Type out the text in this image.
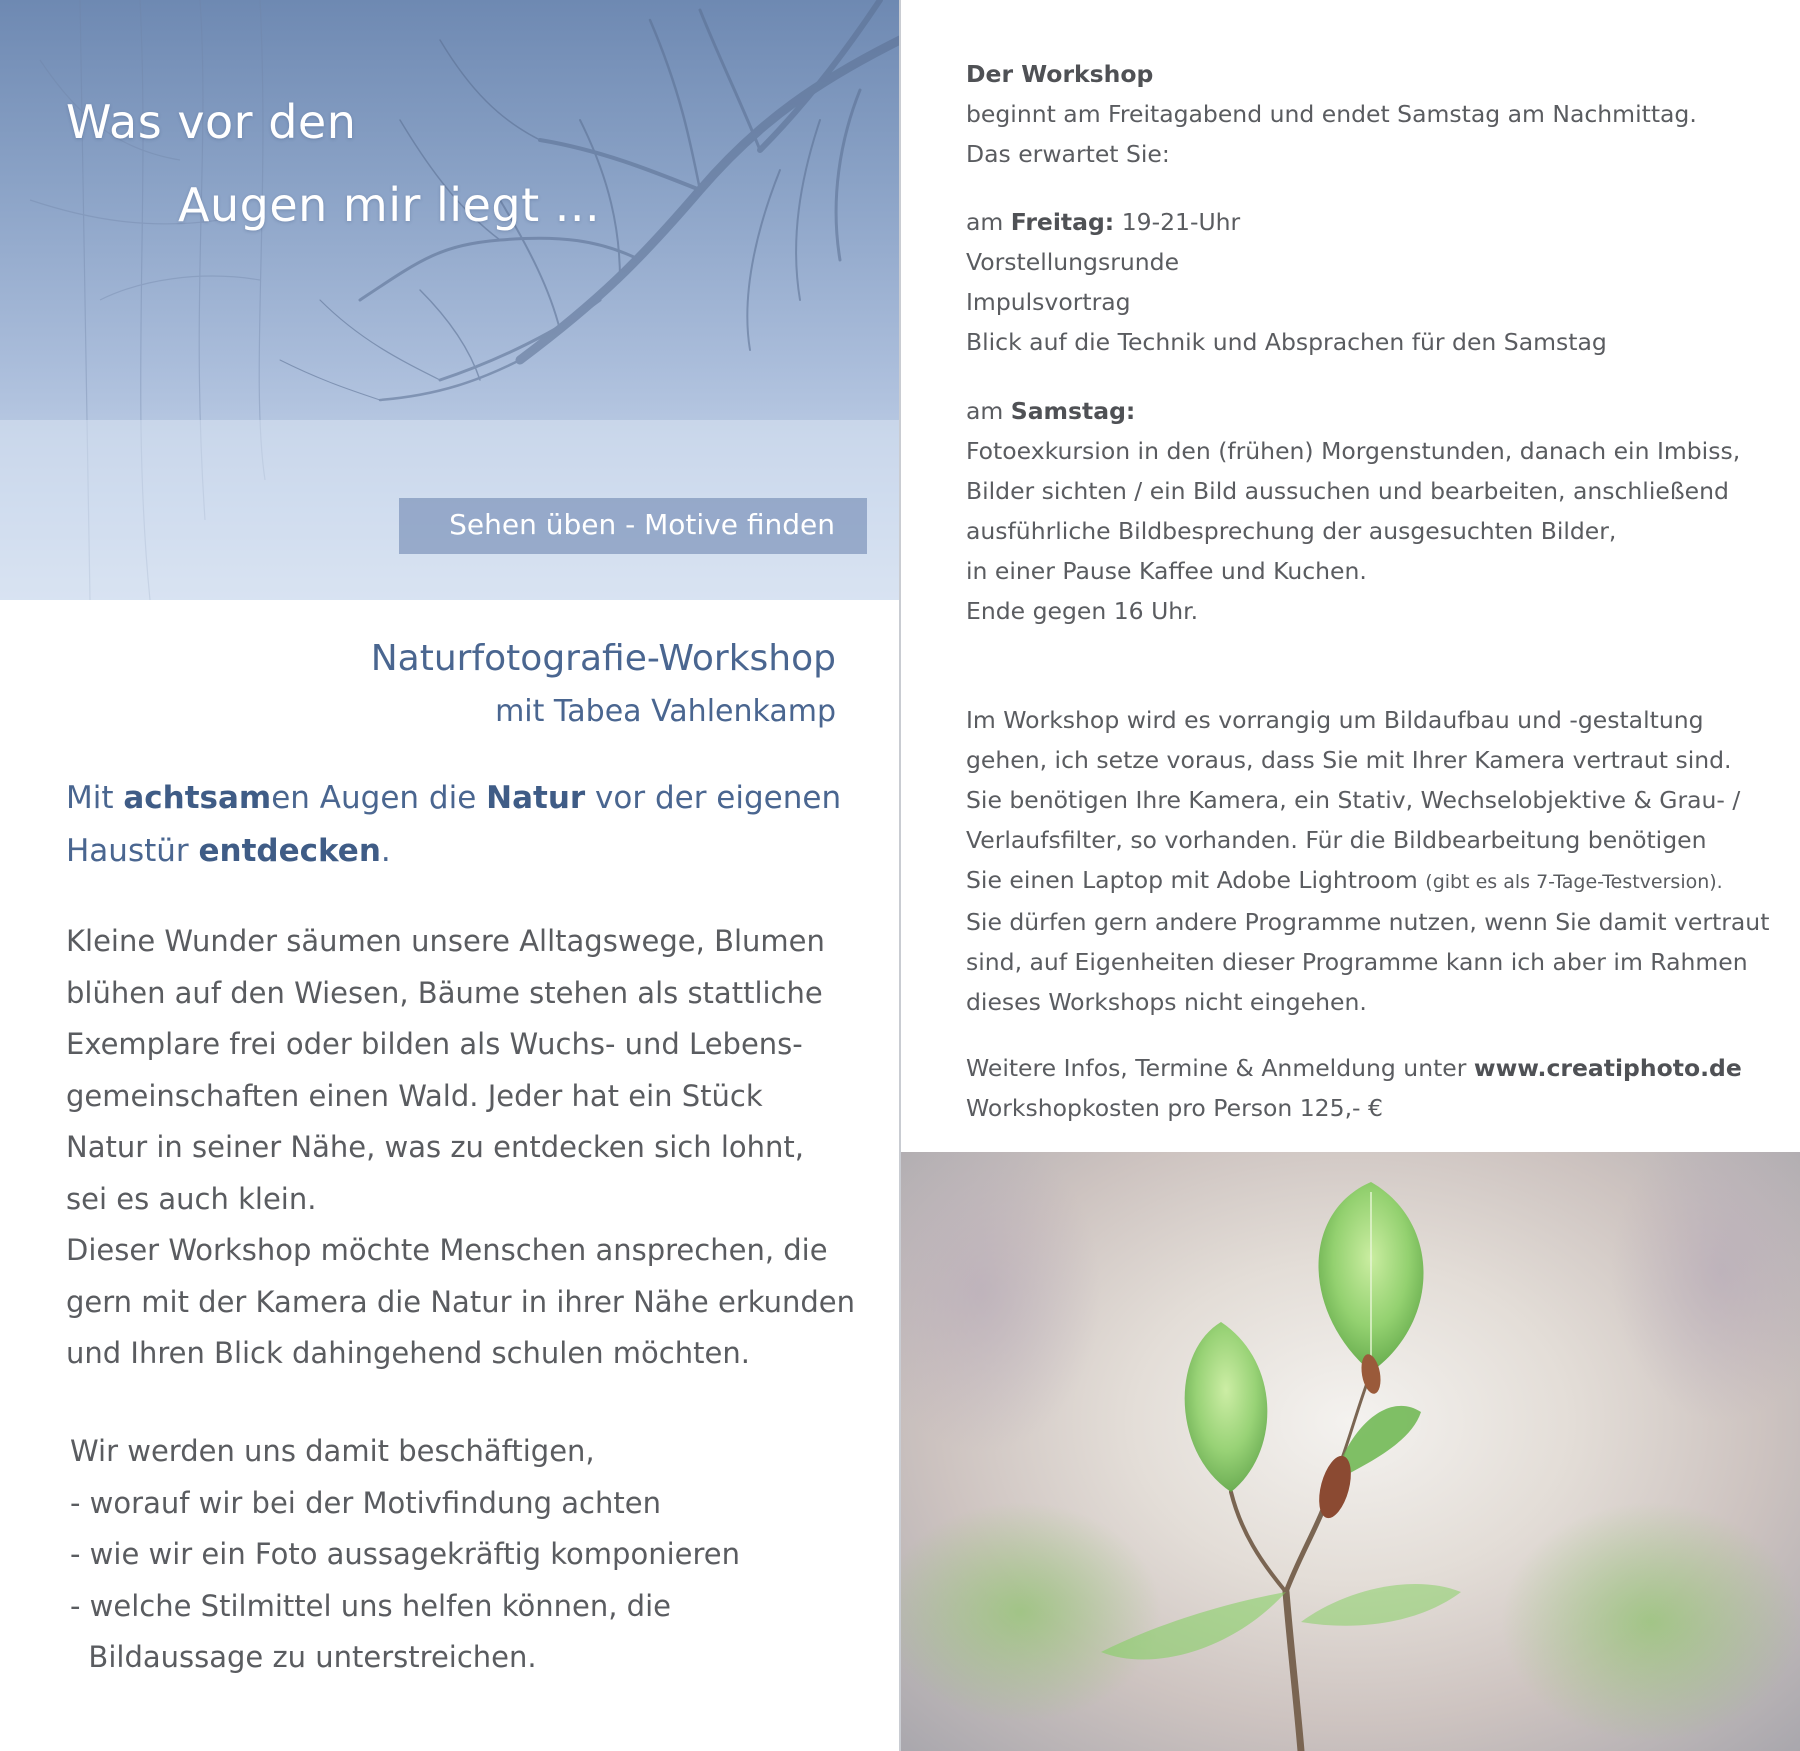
Was vor den
Augen mir liegt ...
Sehen üben - Motive finden
Naturfotografie-Workshop
mit Tabea Vahlenkamp
Mit achtsamen Augen die Natur vor der eigenen
Haustür entdecken.
Kleine Wunder säumen unsere Alltagswege, Blumen
blühen auf den Wiesen, Bäume stehen als stattliche
Exemplare frei oder bilden als Wuchs- und Lebens-
gemeinschaften einen Wald. Jeder hat ein Stück
Natur in seiner Nähe, was zu entdecken sich lohnt,
sei es auch klein.
Dieser Workshop möchte Menschen ansprechen, die
gern mit der Kamera die Natur in ihrer Nähe erkunden
und Ihren Blick dahingehend schulen möchten.
Wir werden uns damit beschäftigen,
- worauf wir bei der Motivfindung achten
- wie wir ein Foto aussagekräftig komponieren
- welche Stilmittel uns helfen können, die
Bildaussage zu unterstreichen.
Der Workshop
beginnt am Freitagabend und endet Samstag am Nachmittag.
Das erwartet Sie:
am Freitag: 19-21-Uhr
Vorstellungsrunde
Impulsvortrag
Blick auf die Technik und Absprachen für den Samstag
am Samstag:
Fotoexkursion in den (frühen) Morgenstunden, danach ein Imbiss,
Bilder sichten / ein Bild aussuchen und bearbeiten, anschließend
ausführliche Bildbesprechung der ausgesuchten Bilder,
in einer Pause Kaffee und Kuchen.
Ende gegen 16 Uhr.
Im Workshop wird es vorrangig um Bildaufbau und -gestaltung
gehen, ich setze voraus, dass Sie mit Ihrer Kamera vertraut sind.
Sie benötigen Ihre Kamera, ein Stativ, Wechselobjektive & Grau- /
Verlaufsfilter, so vorhanden. Für die Bildbearbeitung benötigen
Sie einen Laptop mit Adobe Lightroom (gibt es als 7-Tage-Testversion).
Sie dürfen gern andere Programme nutzen, wenn Sie damit vertraut
sind, auf Eigenheiten dieser Programme kann ich aber im Rahmen
dieses Workshops nicht eingehen.
Weitere Infos, Termine & Anmeldung unter www.creatiphoto.de
Workshopkosten pro Person 125,- €
